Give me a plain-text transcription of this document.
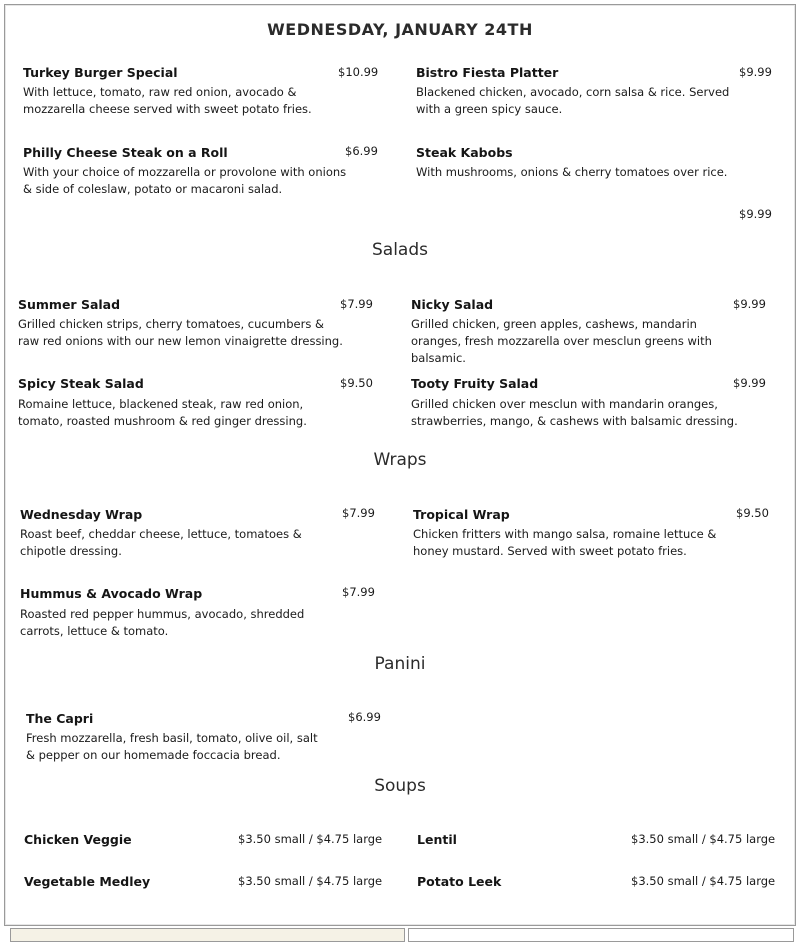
WEDNESDAY, JANUARY 24TH
Turkey Burger Special	$10.99
With lettuce, tomato, raw red onion, avocado & mozzarella cheese served with sweet potato fries.
Bistro Fiesta Platter	$9.99
Blackened chicken, avocado, corn salsa & rice. Served with a green spicy sauce.
Philly Cheese Steak on a Roll	$6.99
With your choice of mozzarella or provolone with onions & side of coleslaw, potato or macaroni salad.
Steak Kabobs
With mushrooms, onions & cherry tomatoes over rice.
$9.99
Salads
Summer Salad	$7.99
Grilled chicken strips, cherry tomatoes, cucumbers & raw red onions with our new lemon vinaigrette dressing.
Nicky Salad	$9.99
Grilled chicken, green apples, cashews, mandarin oranges, fresh mozzarella over mesclun greens with balsamic.
Spicy Steak Salad	$9.50
Romaine lettuce, blackened steak, raw red onion, tomato, roasted mushroom & red ginger dressing.
Tooty Fruity Salad	$9.99
Grilled chicken over mesclun with mandarin oranges, strawberries, mango, & cashews with balsamic dressing.
Wraps
Wednesday Wrap	$7.99
Roast beef, cheddar cheese, lettuce, tomatoes & chipotle dressing.
Tropical Wrap	$9.50
Chicken fritters with mango salsa, romaine lettuce & honey mustard. Served with sweet potato fries.
Hummus & Avocado Wrap	$7.99
Roasted red pepper hummus, avocado, shredded carrots, lettuce & tomato.
Panini
The Capri	$6.99
Fresh mozzarella, fresh basil, tomato, olive oil, salt & pepper on our homemade foccacia bread.
Soups
Chicken Veggie	$3.50 small / $4.75 large	Lentil	$3.50 small / $4.75 large
Vegetable Medley	$3.50 small / $4.75 large	Potato Leek	$3.50 small / $4.75 large
